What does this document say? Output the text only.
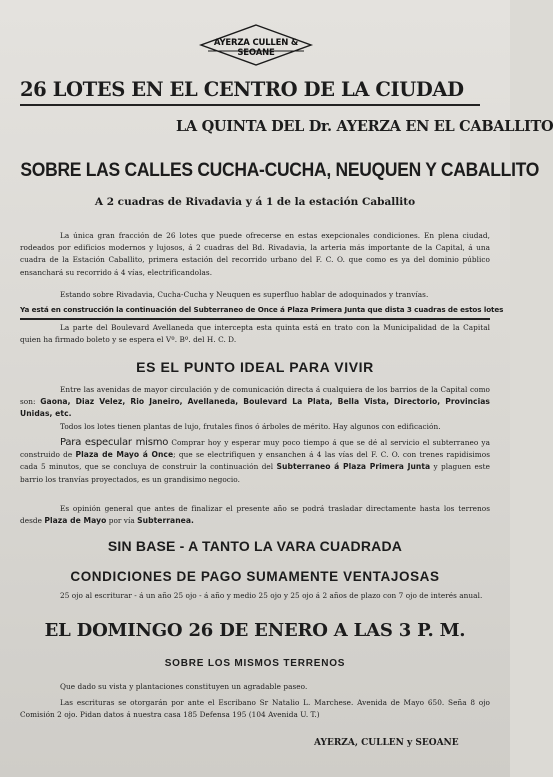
AYERZA CULLEN & SEOANE
26 LOTES EN EL CENTRO DE LA CIUDAD
LA QUINTA DEL Dr. AYERZA EN EL CABALLITO
SOBRE LAS CALLES CUCHA-CUCHA, NEUQUEN Y CABALLITO
A 2 cuadras de Rivadavia y á 1 de la estación Caballito
La única gran fracción de 26 lotes que puede ofrecerse en estas exepcionales condiciones. En plena ciudad, rodeados por edificios modernos y lujosos, á 2 cuadras del Bd. Rivadavia, la arteria más importante de la Capital, á una cuadra de la Estación Caballito, primera estación del recorrido urbano del F. C. O. que como es ya del dominio público ensanchará su recorrido á 4 vías, electrificandolas.
Estando sobre Rivadavia, Cucha-Cucha y Neuquen es superfluo hablar de adoquinados y tranvías.
Ya está en construcción la continuación del Subterraneo de Once á Plaza Primera Junta que dista 3 cuadras de estos lotes
La parte del Boulevard Avellaneda que intercepta esta quinta está en trato con la Municipalidad de la Capital quien ha firmado boleto y se espera el Vº. Bº. del H. C. D.
ES EL PUNTO IDEAL PARA VIVIR
Entre las avenidas de mayor circulación y de comunicación directa á cualquiera de los barrios de la Capital como son: Gaona, Diaz Velez, Rio Janeiro, Avellaneda, Boulevard La Plata, Bella Vista, Directorio, Provincias Unidas, etc.
Todos los lotes tienen plantas de lujo, frutales finos ó árboles de mérito. Hay algunos con edificación.
Para especular mismo Comprar hoy y esperar muy poco tiempo á que se dé al servicio el subterraneo ya construido de Plaza de Mayo á Once; que se electrifiquen y ensanchen á 4 las vías del F. C. O. con trenes rapidisimos cada 5 minutos, que se concluya de construir la continuación del Subterraneo á Plaza Primera Junta y plaguen este barrio los tranvías proyectados, es un grandisimo negocio.
Es opinión general que antes de finalizar el presente año se podrá trasladar directamente hasta los terrenos desde Plaza de Mayo por vía Subterranea.
SIN BASE - A TANTO LA VARA CUADRADA
CONDICIONES DE PAGO SUMAMENTE VENTAJOSAS
25 ojo al escriturar - á un año 25 ojo - á año y medio 25 ojo y 25 ojo á 2 años de plazo con 7 ojo de interés anual.
EL DOMINGO 26 DE ENERO A LAS 3 P. M.
SOBRE LOS MISMOS TERRENOS
Que dado su vista y plantaciones constituyen un agradable paseo.
Las escrituras se otorgarán por ante el Escribano Sr Natalio L. Marchese. Avenida de Mayo 650. Seña 8 ojo Comisión 2 ojo. Pidan datos á nuestra casa 185 Defensa 195 (104 Avenida U. T.)
AYERZA, CULLEN y SEOANE
